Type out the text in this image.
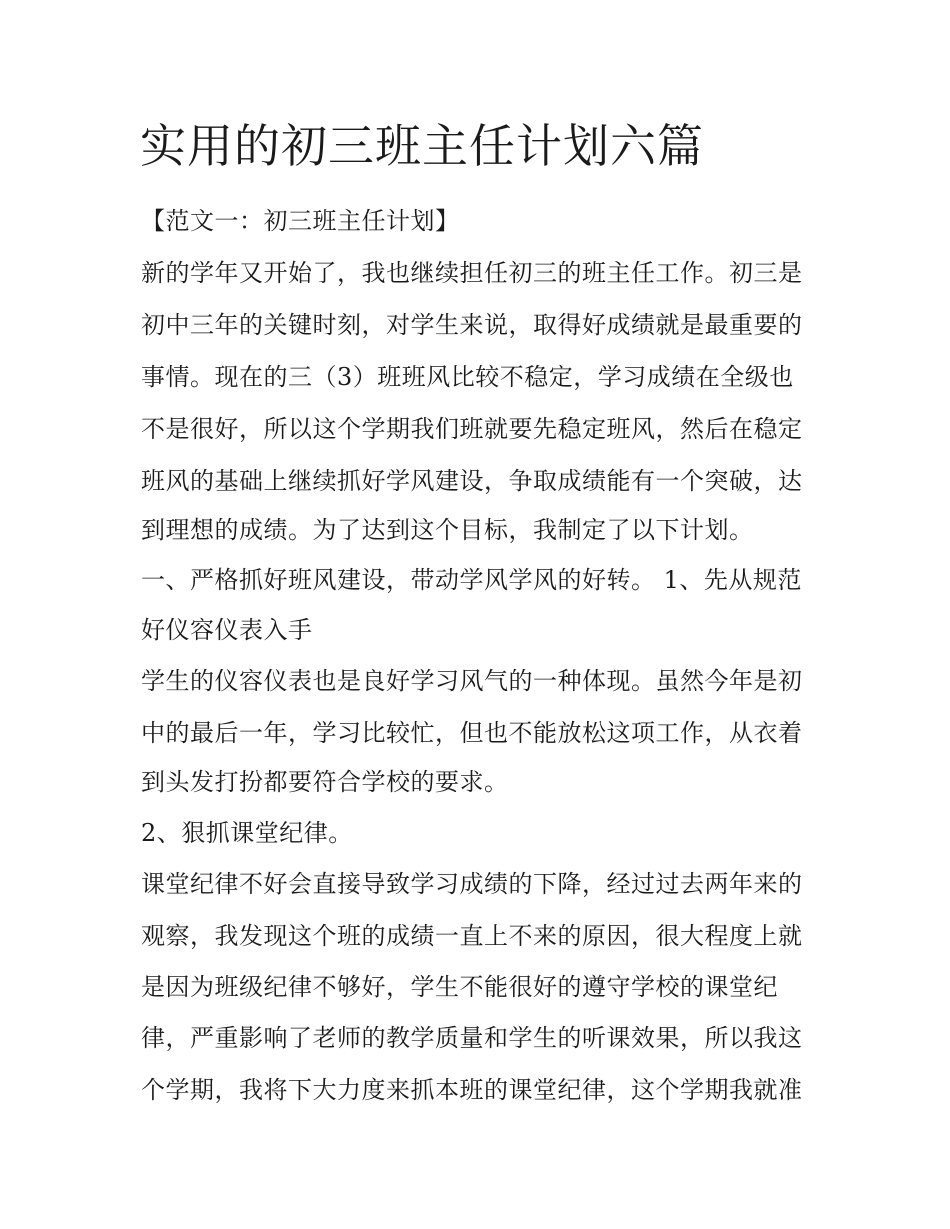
实用的初三班主任计划六篇
【范文一：初三班主任计划】
新的学年又开始了，我也继续担任初三的班主任工作。初三是
初中三年的关键时刻，对学生来说，取得好成绩就是最重要的
事情。现在的三（3）班班风比较不稳定，学习成绩在全级也
不是很好，所以这个学期我们班就要先稳定班风，然后在稳定
班风的基础上继续抓好学风建设，争取成绩能有一个突破，达
到理想的成绩。为了达到这个目标，我制定了以下计划。
一、严格抓好班风建设，带动学风学风的好转。 1、先从规范
好仪容仪表入手
学生的仪容仪表也是良好学习风气的一种体现。虽然今年是初
中的最后一年，学习比较忙，但也不能放松这项工作，从衣着
到头发打扮都要符合学校的要求。
2、狠抓课堂纪律。
课堂纪律不好会直接导致学习成绩的下降，经过过去两年来的
观察，我发现这个班的成绩一直上不来的原因，很大程度上就
是因为班级纪律不够好，学生不能很好的遵守学校的课堂纪
律，严重影响了老师的教学质量和学生的听课效果，所以我这
个学期，我将下大力度来抓本班的课堂纪律，这个学期我就准
